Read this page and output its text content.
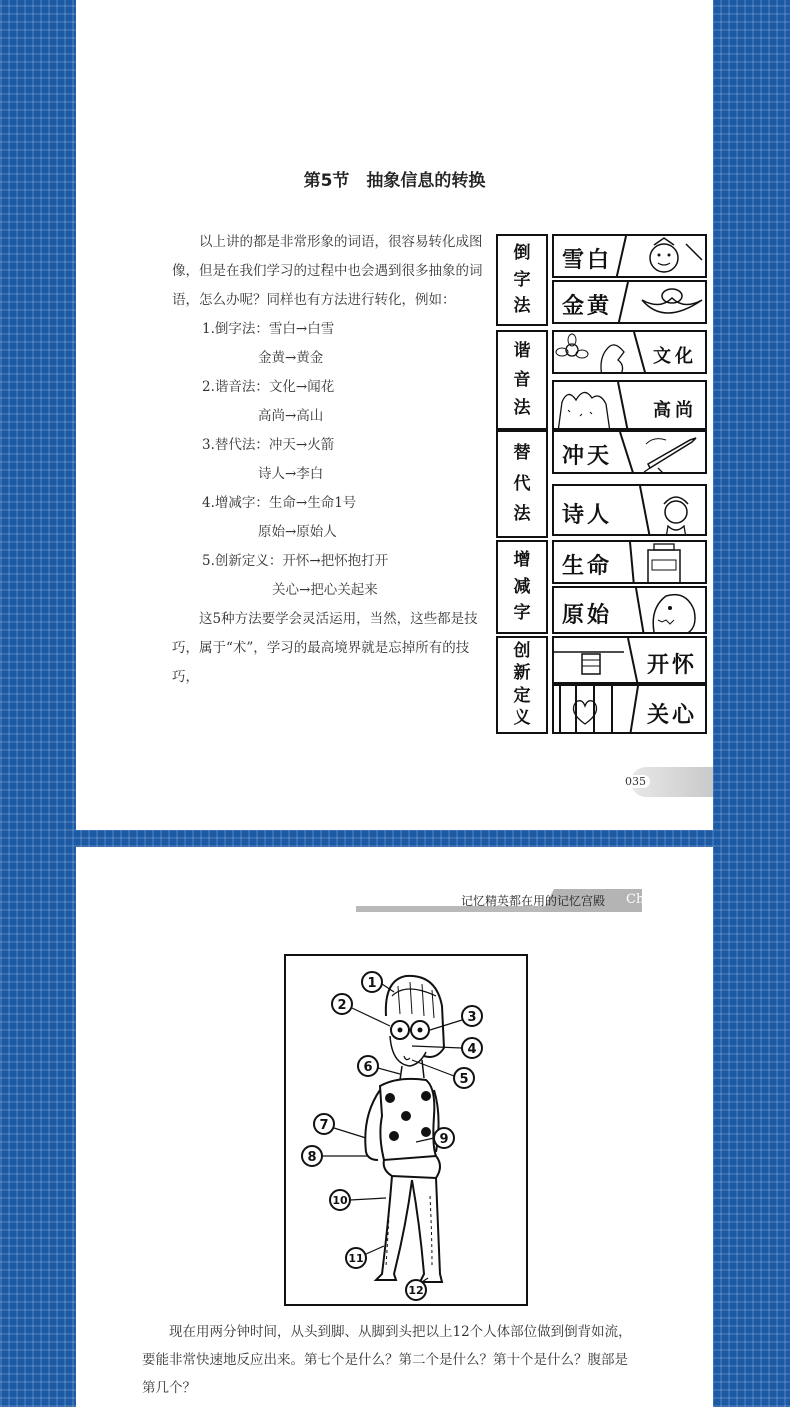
第5节　抽象信息的转换

以上讲的都是非常形象的词语，很容易转化成图像，但是在我们学习的过程中也会遇到很多抽象的词语，怎么办呢？同样也有方法进行转化，例如：

1.倒字法：雪白→白雪

金黄→黄金

2.谐音法：文化→闻花

高尚→高山

3.替代法：冲天→火箭

诗人→李白

4.增减字：生命→生命1号

原始→原始人

5.创新定义：开怀→把怀抱打开

关心→把心关起来

这5种方法要学会灵活运用，当然，这些都是技巧，属于“术”，学习的最高境界就是忘掉所有的技巧，

倒
字
法
谐
音
法
替
代
法
增
减
字
创
新
定
义
雪白
金黄
文化
高尚
冲天
诗人
生命
原始
开怀
关心
035
记忆精英都在用的记忆宫殿 Chapter 4
1
2
3
4
5
6
7
8
9
10
11
12
现在用两分钟时间，从头到脚、从脚到头把以上12个人体部位做到倒背如流，要能非常快速地反应出来。第七个是什么？第二个是什么？第十个是什么？腹部是第几个？
